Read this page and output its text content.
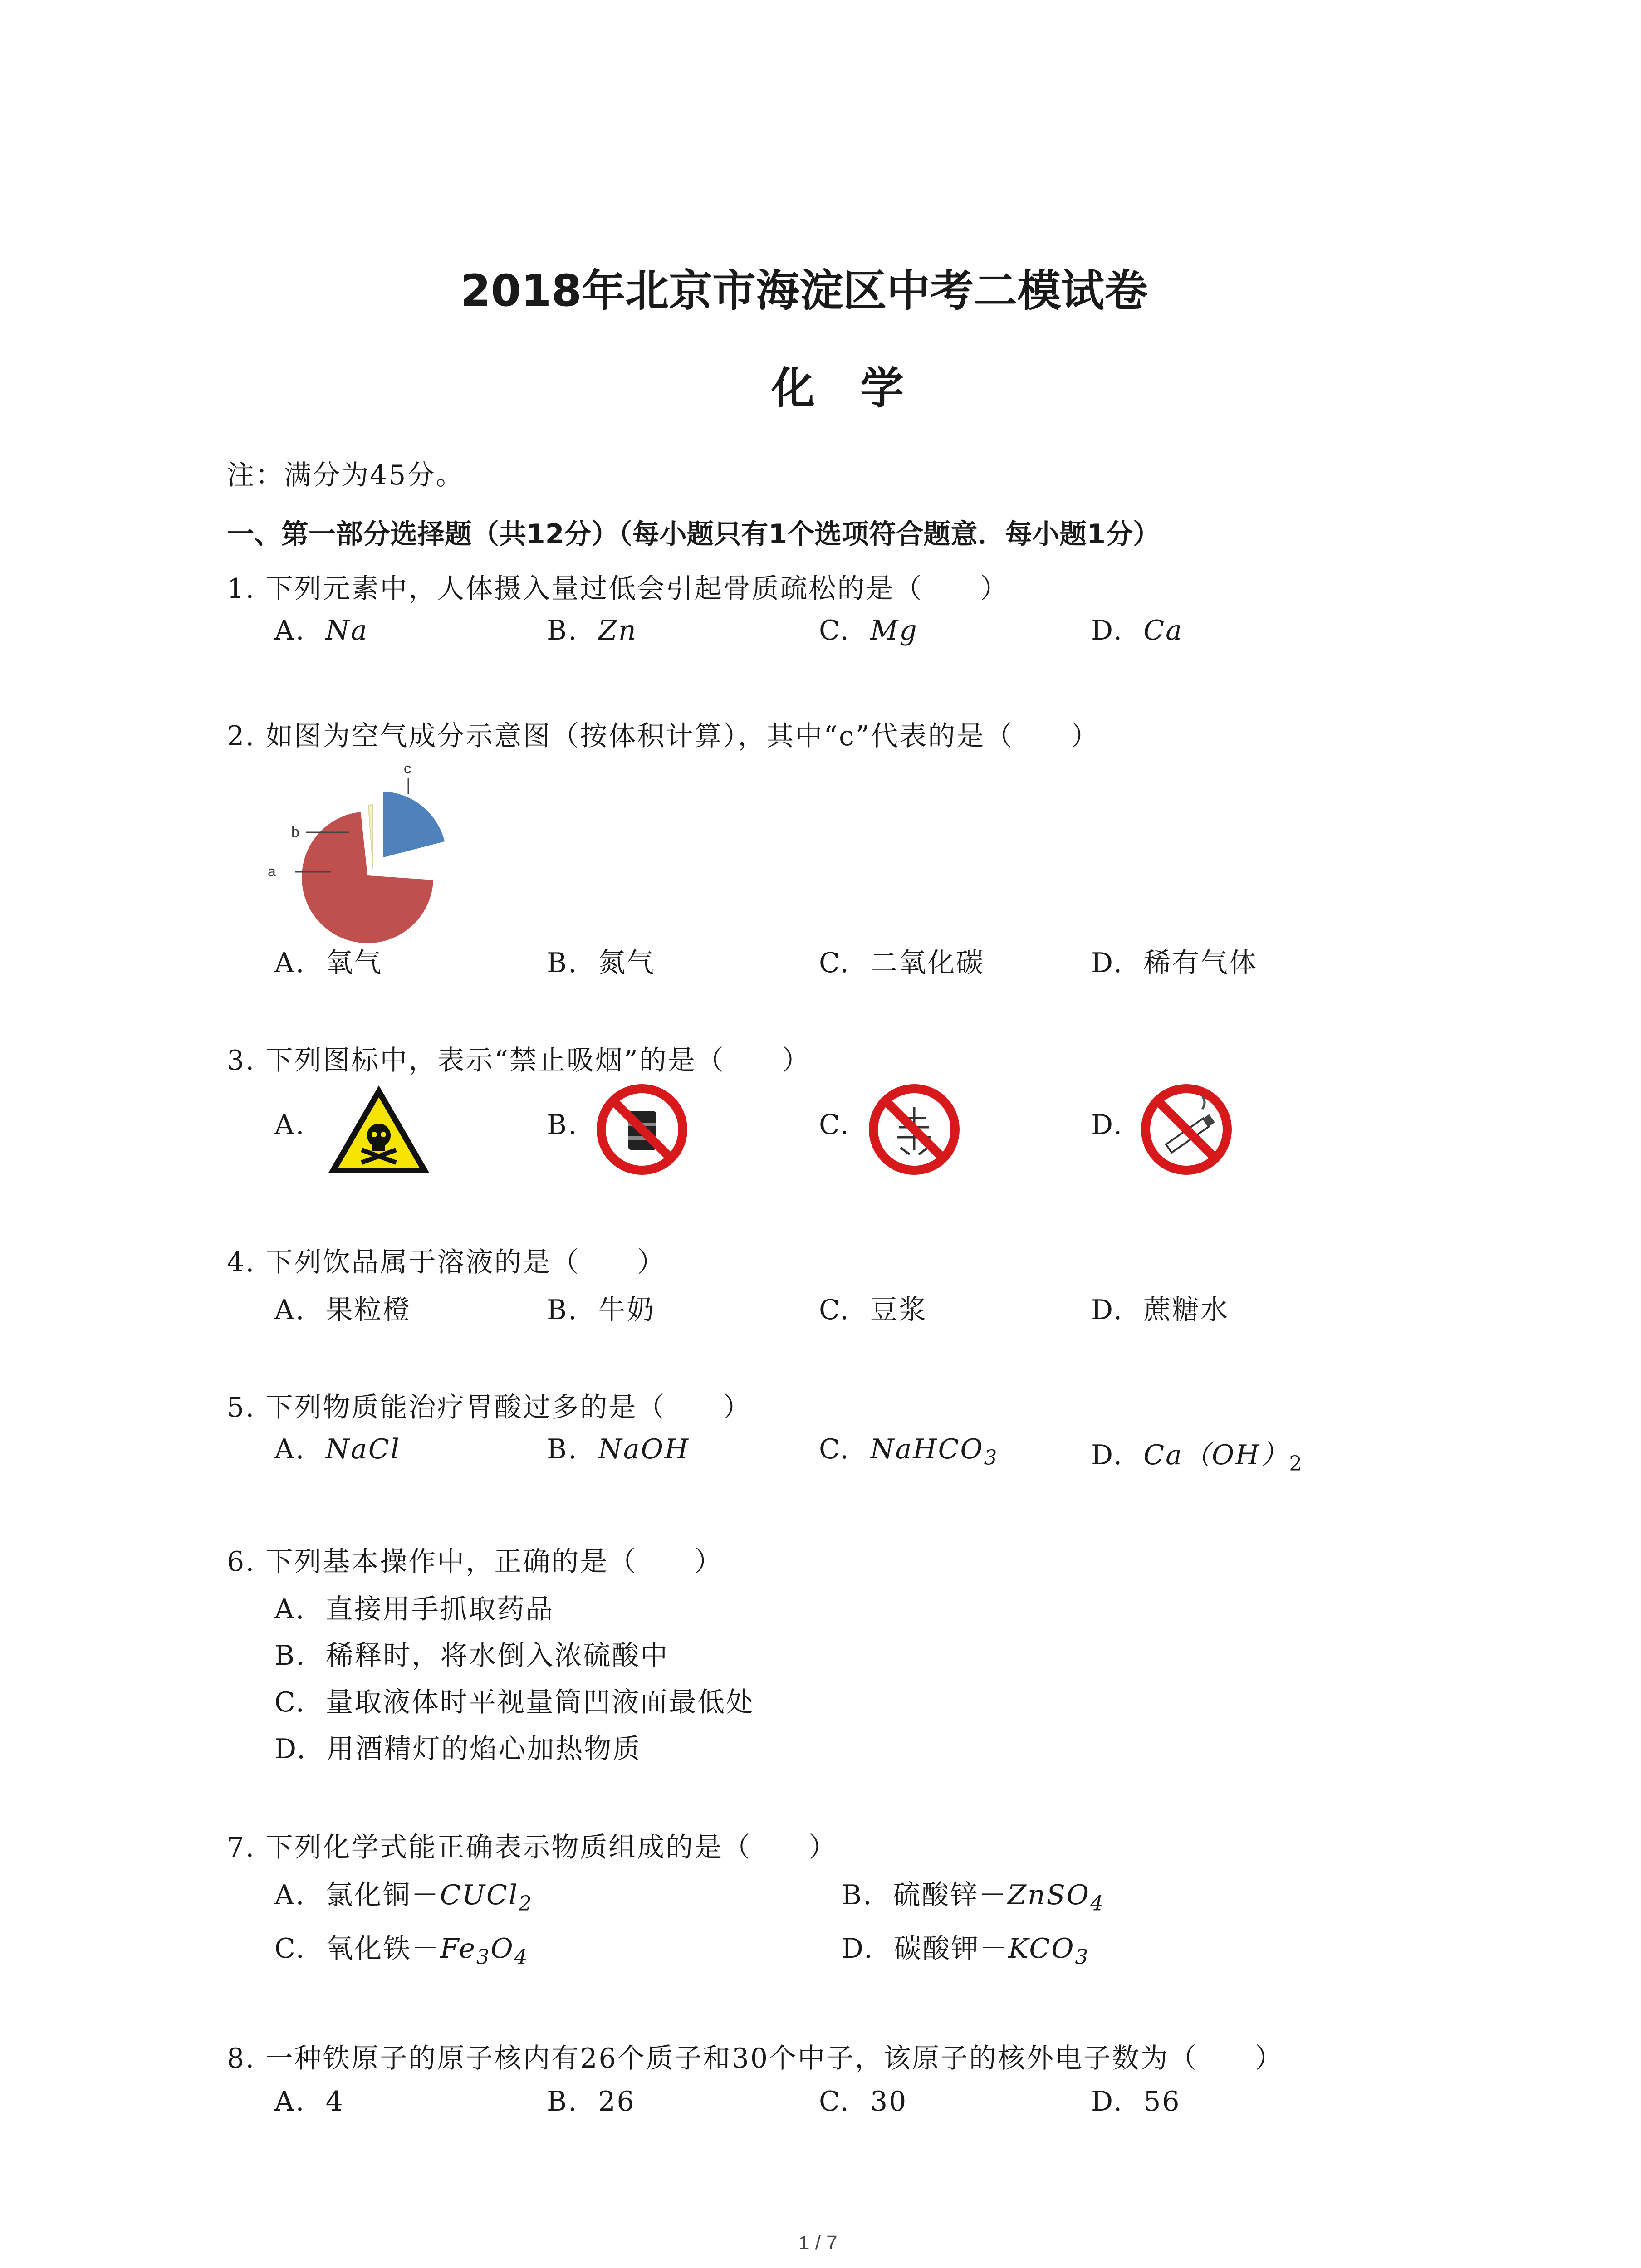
2018年北京市海淀区中考二模试卷
化学
注：满分为45分。
一、第一部分选择题（共12分）（每小题只有1个选项符合题意．每小题1分）
1. 下列元素中，人体摄入量过低会引起骨质疏松的是（　　）
A. Na	B. Zn	C. Mg	D. Ca
2. 如图为空气成分示意图（按体积计算），其中“c”代表的是（　　）
b
a
c
A. 氧气	B. 氮气	C. 二氧化碳	D. 稀有气体
3. 下列图标中，表示“禁止吸烟”的是（　　）
A.	B.	C.	D.
4. 下列饮品属于溶液的是（　　）
A. 果粒橙	B. 牛奶	C. 豆浆	D. 蔗糖水
5. 下列物质能治疗胃酸过多的是（　　）
A. NaCl	B. NaOH	C. NaHCO$_3$	D. $Ca(OH)_2$
6. 下列基本操作中，正确的是（　　）
A. 直接用手抓取药品
B. 稀释时，将水倒入浓硫酸中
C. 量取液体时平视量筒凹液面最低处
D. 用酒精灯的焰心加热物质
7. 下列化学式能正确表示物质组成的是（　　）
A. 氯化铜－CUCl$_2$	B. 硫酸锌－ZnSO$_4$
C. 氧化铁$-Fe_3O_4$	D. 碳酸钾$-KCO_3$
8. 一种铁原子的原子核内有26个质子和30个中子，该原子的核外电子数为（　　）
A. 4	B. 26	C. 30	D. 56
1 / 7
